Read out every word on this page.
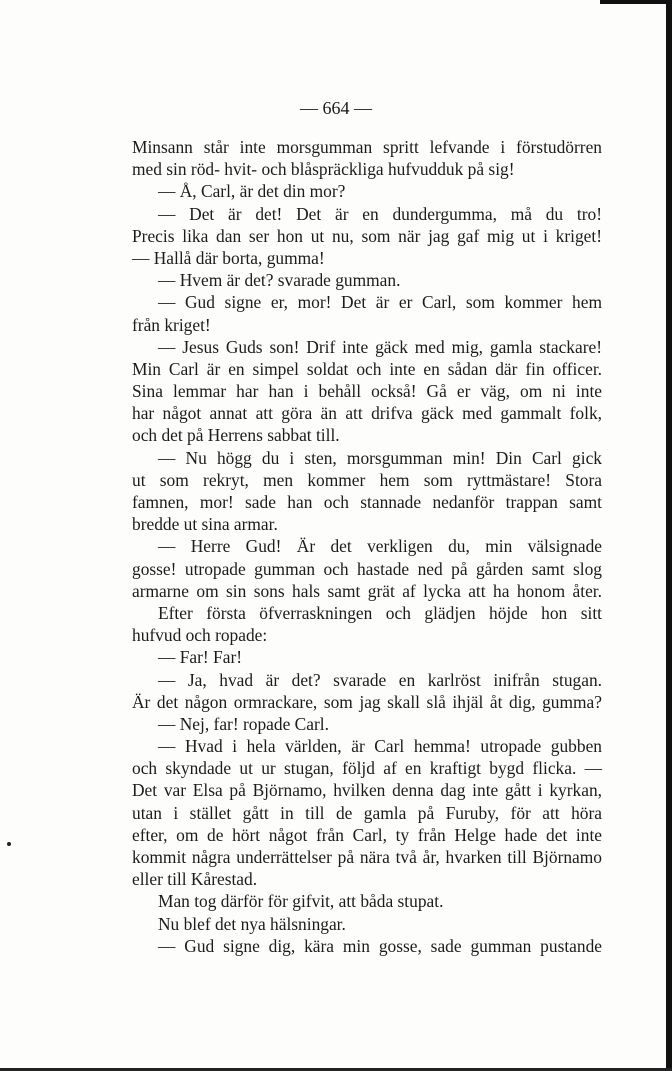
— 664 —

Minsann står inte morsgumman spritt lefvande i förstudörren
med sin röd- hvit- och blåspräckliga hufvudduk på sig!
— Å, Carl, är det din mor?
— Det är det! Det är en dundergumma, må du tro!
Precis lika dan ser hon ut nu, som när jag gaf mig ut i kriget!
— Hallå där borta, gumma!
— Hvem är det? svarade gumman.
— Gud signe er, mor! Det är er Carl, som kommer hem
från kriget!
— Jesus Guds son! Drif inte gäck med mig, gamla stackare!
Min Carl är en simpel soldat och inte en sådan där fin officer.
Sina lemmar har han i behåll också! Gå er väg, om ni inte
har något annat att göra än att drifva gäck med gammalt folk,
och det på Herrens sabbat till.
— Nu högg du i sten, morsgumman min! Din Carl gick
ut som rekryt, men kommer hem som ryttmästare! Stora
famnen, mor! sade han och stannade nedanför trappan samt
bredde ut sina armar.
— Herre Gud! Är det verkligen du, min välsignade
gosse! utropade gumman och hastade ned på gården samt slog
armarne om sin sons hals samt grät af lycka att ha honom åter.
Efter första öfverraskningen och glädjen höjde hon sitt
hufvud och ropade:
— Far! Far!
— Ja, hvad är det? svarade en karlröst inifrån stugan.
Är det någon ormrackare, som jag skall slå ihjäl åt dig, gumma?
— Nej, far! ropade Carl.
— Hvad i hela världen, är Carl hemma! utropade gubben
och skyndade ut ur stugan, följd af en kraftigt bygd flicka. —
Det var Elsa på Björnamo, hvilken denna dag inte gått i kyrkan,
utan i stället gått in till de gamla på Furuby, för att höra
efter, om de hört något från Carl, ty från Helge hade det inte
kommit några underrättelser på nära två år, hvarken till Björnamo
eller till Kårestad.
Man tog därför för gifvit, att båda stupat.
Nu blef det nya hälsningar.
— Gud signe dig, kära min gosse, sade gumman pustande
